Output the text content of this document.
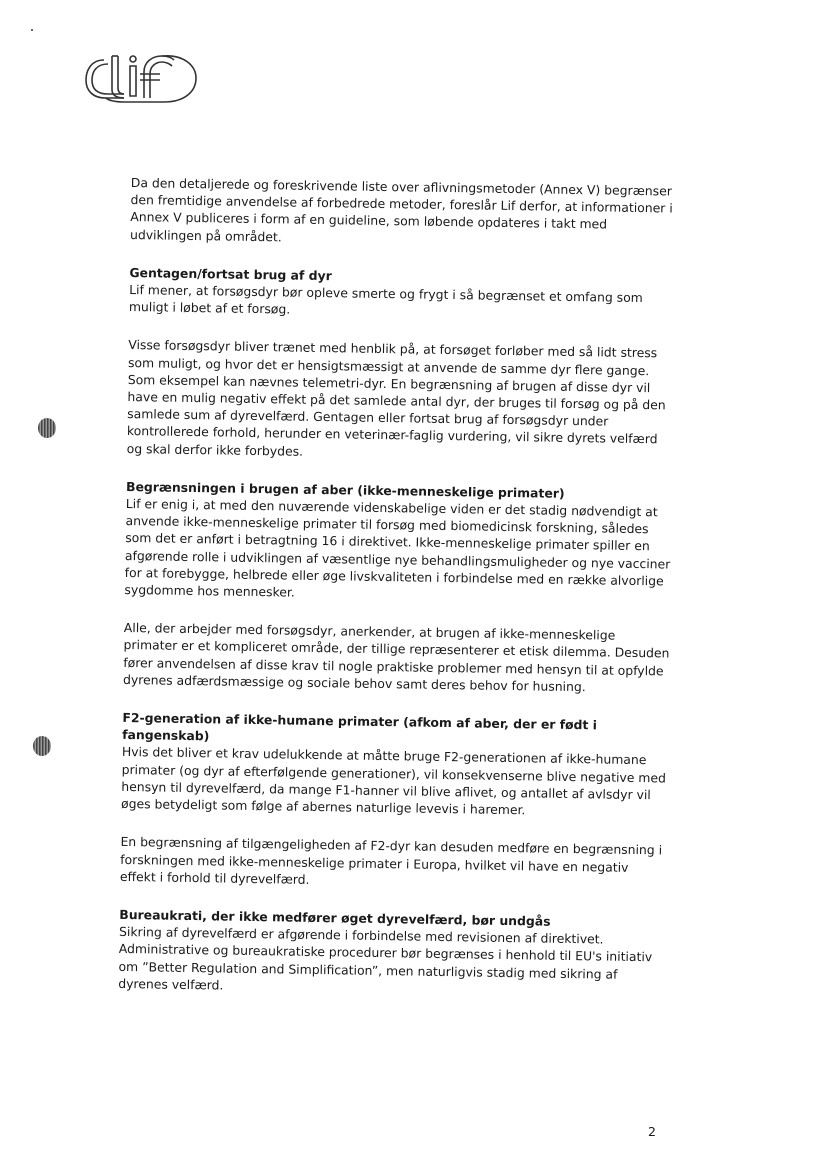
Da den detaljerede og foreskrivende liste over aflivningsmetoder (Annex V) begrænser den fremtidige anvendelse af forbedrede metoder, foreslår Lif derfor, at informationer i Annex V publiceres i form af en guideline, som løbende opdateres i takt med udviklingen på området.

Gentagen/fortsat brug af dyr

Lif mener, at forsøgsdyr bør opleve smerte og frygt i så begrænset et omfang som muligt i løbet af et forsøg.

Visse forsøgsdyr bliver trænet med henblik på, at forsøget forløber med så lidt stress som muligt, og hvor det er hensigtsmæssigt at anvende de samme dyr flere gange. Som eksempel kan nævnes telemetri-dyr. En begrænsning af brugen af disse dyr vil have en mulig negativ effekt på det samlede antal dyr, der bruges til forsøg og på den samlede sum af dyrevelfærd. Gentagen eller fortsat brug af forsøgsdyr under kontrollerede forhold, herunder en veterinær-faglig vurdering, vil sikre dyrets velfærd og skal derfor ikke forbydes.

Begrænsningen i brugen af aber (ikke-menneskelige primater)

Lif er enig i, at med den nuværende videnskabelige viden er det stadig nødvendigt at anvende ikke-menneskelige primater til forsøg med biomedicinsk forskning, således som det er anført i betragtning 16 i direktivet. Ikke-menneskelige primater spiller en afgørende rolle i udviklingen af væsentlige nye behandlingsmuligheder og nye vacciner for at forebygge, helbrede eller øge livskvaliteten i forbindelse med en række alvorlige sygdomme hos mennesker.

Alle, der arbejder med forsøgsdyr, anerkender, at brugen af ikke-menneskelige primater er et kompliceret område, der tillige repræsenterer et etisk dilemma. Desuden fører anvendelsen af disse krav til nogle praktiske problemer med hensyn til at opfylde dyrenes adfærdsmæssige og sociale behov samt deres behov for husning.

F2-generation af ikke-humane primater (afkom af aber, der er født i fangenskab)

Hvis det bliver et krav udelukkende at måtte bruge F2-generationen af ikke-humane primater (og dyr af efterfølgende generationer), vil konsekvenserne blive negative med hensyn til dyrevelfærd, da mange F1-hanner vil blive aflivet, og antallet af avlsdyr vil øges betydeligt som følge af abernes naturlige levevis i haremer.

En begrænsning af tilgængeligheden af F2-dyr kan desuden medføre en begrænsning i forskningen med ikke-menneskelige primater i Europa, hvilket vil have en negativ effekt i forhold til dyrevelfærd.

Bureaukrati, der ikke medfører øget dyrevelfærd, bør undgås

Sikring af dyrevelfærd er afgørende i forbindelse med revisionen af direktivet. Administrative og bureaukratiske procedurer bør begrænses i henhold til EU's initiativ om ”Better Regulation and Simplification”, men naturligvis stadig med sikring af dyrenes velfærd.

2
